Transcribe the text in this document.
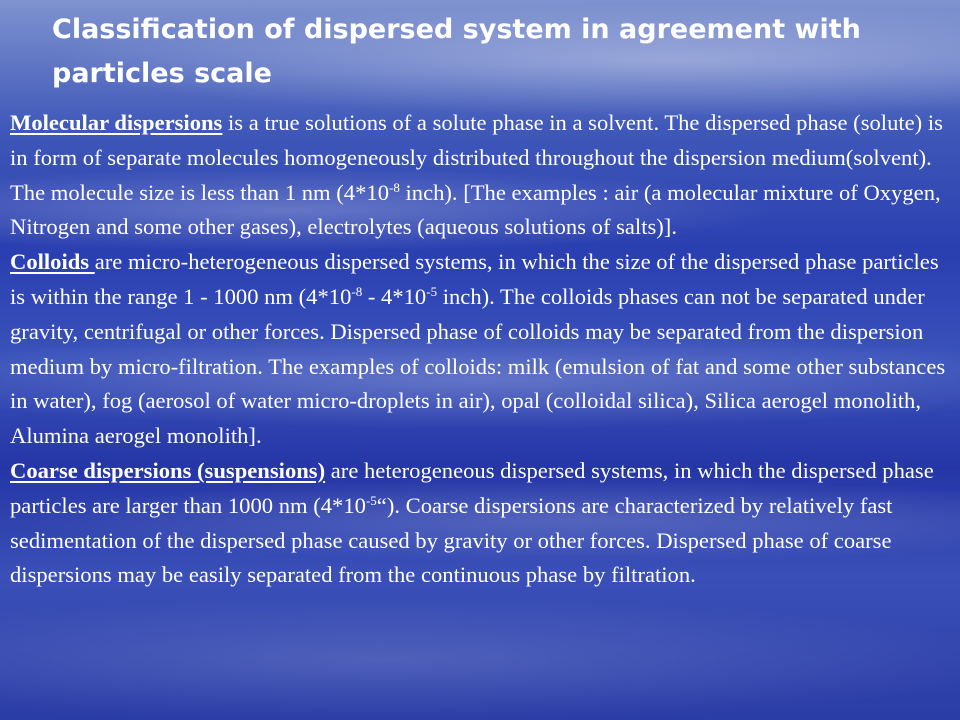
Classification of dispersed system in agreement with particles scale

Molecular dispersions is a true solutions of a solute phase in a solvent. The dispersed phase (solute) is in form of separate molecules homogeneously distributed throughout the dispersion medium(solvent). The molecule size is less than 1 nm ($4*10^{-8}$ inch). [The examples : air (a molecular mixture of Oxygen, Nitrogen and some other gases), electrolytes (aqueous solutions of salts)].

Colloids are micro-heterogeneous dispersed systems, in which the size of the dispersed phase particles is within the range 1 - 1000 nm ($4*10^{-8} - 4*10^{-5}$ inch). The colloids phases can not be separated under gravity, centrifugal or other forces. Dispersed phase of colloids may be separated from the dispersion medium by micro-filtration. The examples of colloids: milk (emulsion of fat and some other substances in water), fog (aerosol of water micro-droplets in air), opal (colloidal silica), Silica aerogel monolith, Alumina aerogel monolith].

Coarse dispersions (suspensions) are heterogeneous dispersed systems, in which the dispersed phase particles are larger than 1000 nm $(4*10^{-5}“)$. Coarse dispersions are characterized by relatively fast sedimentation of the dispersed phase caused by gravity or other forces. Dispersed phase of coarse dispersions may be easily separated from the continuous phase by filtration.
